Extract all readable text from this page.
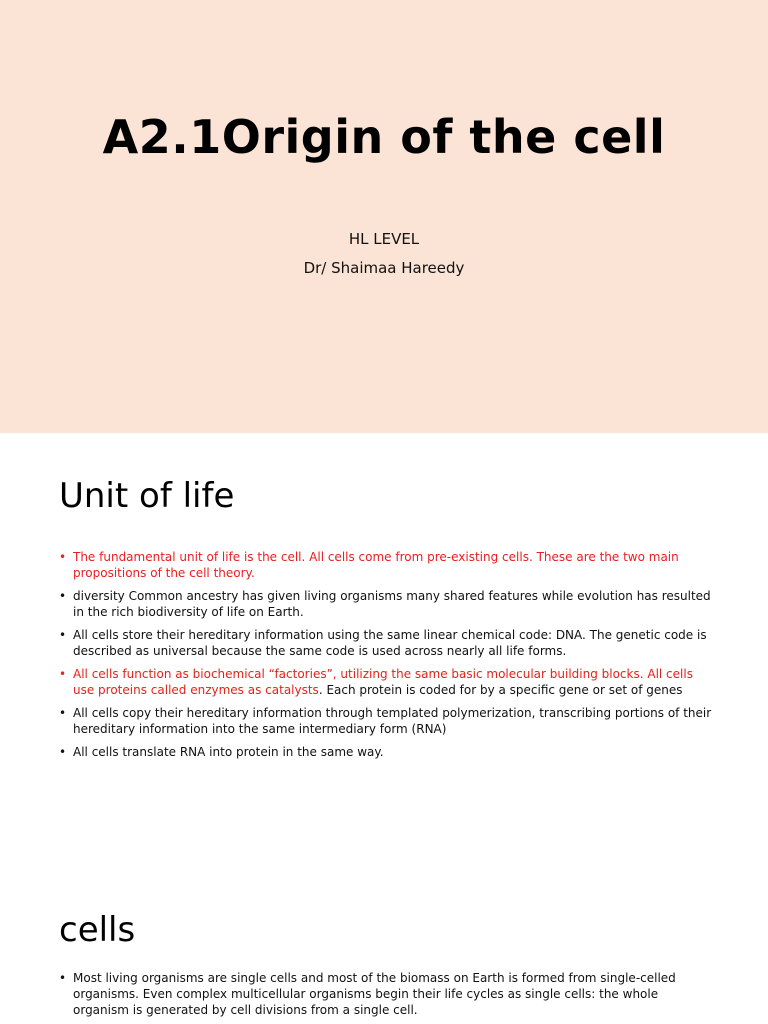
A2.1Origin of the cell
HL LEVEL
Dr/ Shaimaa Hareedy
Unit of life
• The fundamental unit of life is the cell. All cells come from pre-existing cells. These are the two main propositions of the cell theory.
• diversity Common ancestry has given living organisms many shared features while evolution has resulted in the rich biodiversity of life on Earth.
• All cells store their hereditary information using the same linear chemical code: DNA. The genetic code is described as universal because the same code is used across nearly all life forms.
• All cells function as biochemical “factories”, utilizing the same basic molecular building blocks. All cells use proteins called enzymes as catalysts. Each protein is coded for by a specific gene or set of genes
• All cells copy their hereditary information through templated polymerization, transcribing portions of their hereditary information into the same intermediary form (RNA)
• All cells translate RNA into protein in the same way.
cells
• Most living organisms are single cells and most of the biomass on Earth is formed from single-celled organisms. Even complex multicellular organisms begin their life cycles as single cells: the whole organism is generated by cell divisions from a single cell.
